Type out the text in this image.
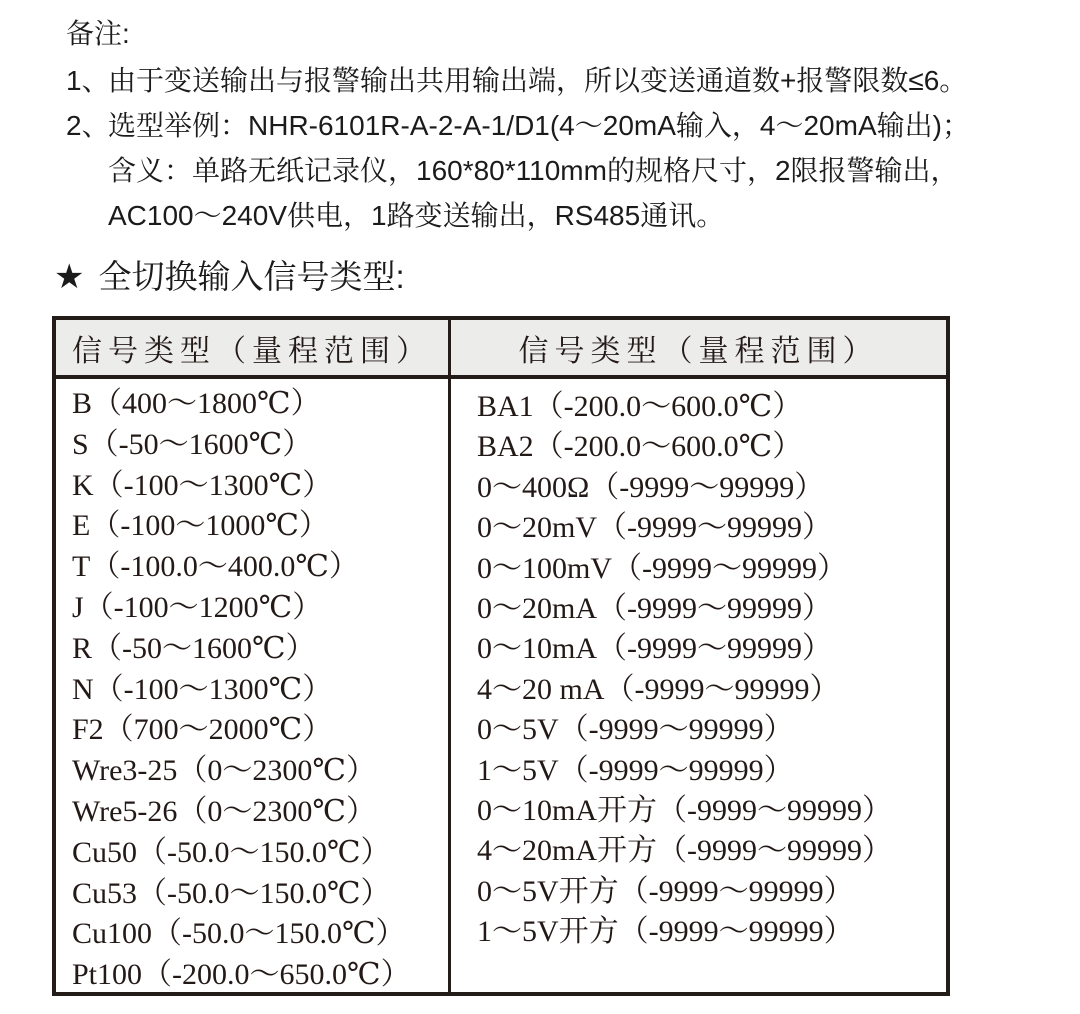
备注:
1、
由于变送输出与报警输出共用输出端，所以变送通道数+报警限数≤6。
2、
选型举例：NHR-6101R-A-2-A-1/D1(4～20mA输入，4～20mA输出)；
含义：单路无纸记录仪，160*80*110mm的规格尺寸，2限报警输出，
AC100～240V供电，1路变送输出，RS485通讯。
★ 全切换输入信号类型:
信号类型（量程范围）	信号类型（量程范围）
B（400～1800℃）
S（-50～1600℃）
K（-100～1300℃）
E（-100～1000℃）
T（-100.0～400.0℃）
J（-100～1200℃）
R（-50～1600℃）
N（-100～1300℃）
F2（700～2000℃）
Wre3-25（0～2300℃）
Wre5-26（0～2300℃）
Cu50（-50.0～150.0℃）
Cu53（-50.0～150.0℃）
Cu100（-50.0～150.0℃）
Pt100（-200.0～650.0℃）
BA1（-200.0～600.0℃）
BA2（-200.0～600.0℃）
0～400Ω（-9999～99999）
0～20mV（-9999～99999）
0～100mV（-9999～99999）
0～20mA（-9999～99999）
0～10mA（-9999～99999）
4～20 mA（-9999～99999）
0～5V（-9999～99999）
1～5V（-9999～99999）
0～10mA开方（-9999～99999）
4～20mA开方（-9999～99999）
0～5V开方（-9999～99999）
1～5V开方（-9999～99999）
